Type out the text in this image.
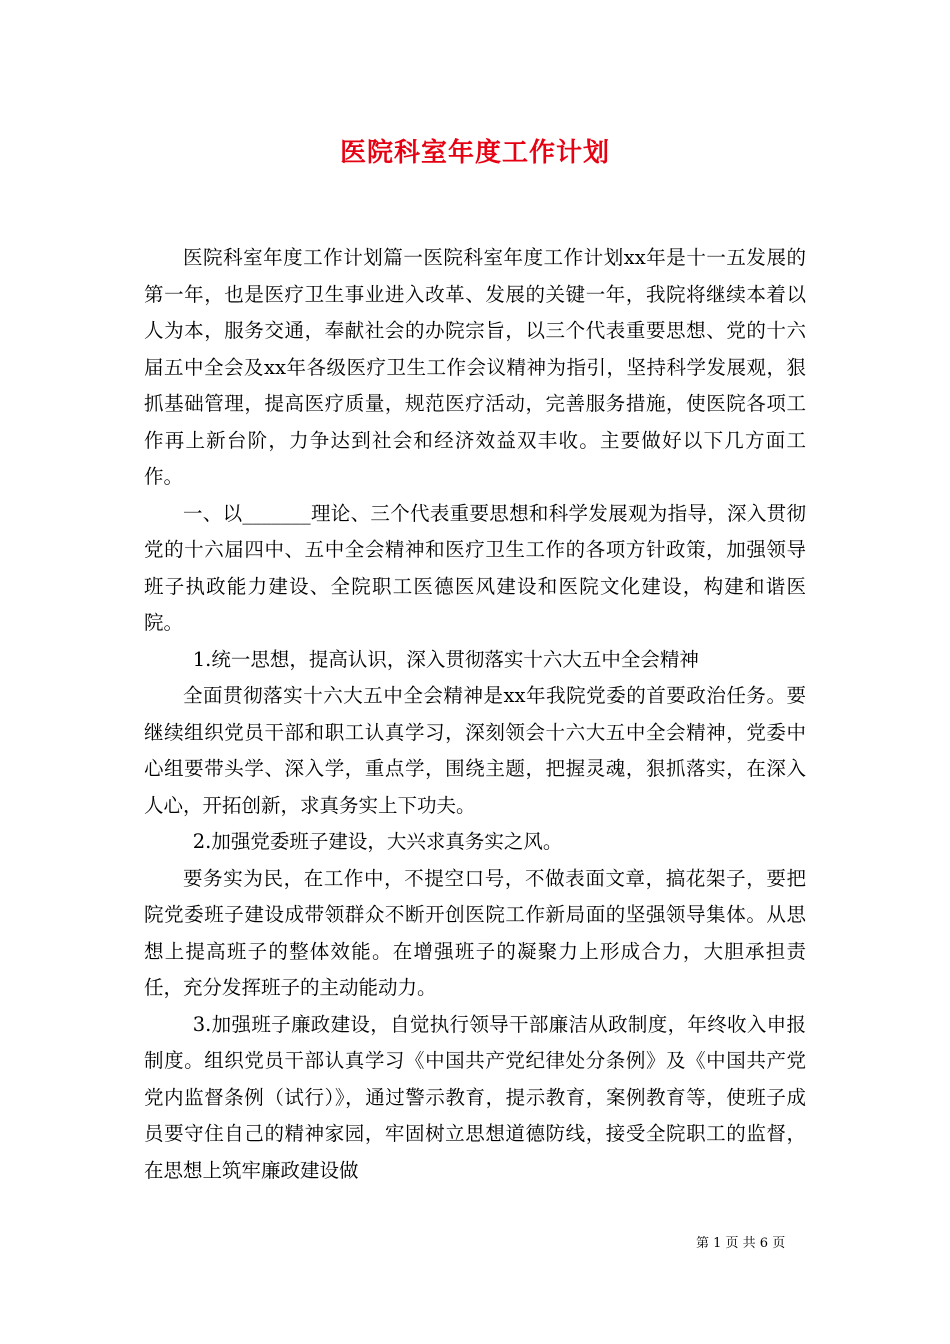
医院科室年度工作计划

医院科室年度工作计划篇一医院科室年度工作计划xx年是十一五发展的第一年，也是医疗卫生事业进入改革、发展的关键一年，我院将继续本着以人为本，服务交通，奉献社会的办院宗旨，以三个代表重要思想、党的十六届五中全会及xx年各级医疗卫生工作会议精神为指引，坚持科学发展观，狠抓基础管理，提高医疗质量，规范医疗活动，完善服务措施，使医院各项工作再上新台阶，力争达到社会和经济效益双丰收。主要做好以下几方面工作。

一、以_______理论、三个代表重要思想和科学发展观为指导，深入贯彻党的十六届四中、五中全会精神和医疗卫生工作的各项方针政策，加强领导班子执政能力建设、全院职工医德医风建设和医院文化建设，构建和谐医院。

1.统一思想，提高认识，深入贯彻落实十六大五中全会精神

全面贯彻落实十六大五中全会精神是xx年我院党委的首要政治任务。要继续组织党员干部和职工认真学习，深刻领会十六大五中全会精神，党委中心组要带头学、深入学，重点学，围绕主题，把握灵魂，狠抓落实，在深入人心，开拓创新，求真务实上下功夫。

2.加强党委班子建设，大兴求真务实之风。

要务实为民，在工作中，不提空口号，不做表面文章，搞花架子，要把院党委班子建设成带领群众不断开创医院工作新局面的坚强领导集体。从思想上提高班子的整体效能。在增强班子的凝聚力上形成合力，大胆承担责任，充分发挥班子的主动能动力。

3.加强班子廉政建设，自觉执行领导干部廉洁从政制度，年终收入申报制度。组织党员干部认真学习《中国共产党纪律处分条例》及《中国共产党党内监督条例（试行）》，通过警示教育，提示教育，案例教育等，使班子成员要守住自己的精神家园，牢固树立思想道德防线，接受全院职工的监督，在思想上筑牢廉政建设做

第 1 页 共 6 页
